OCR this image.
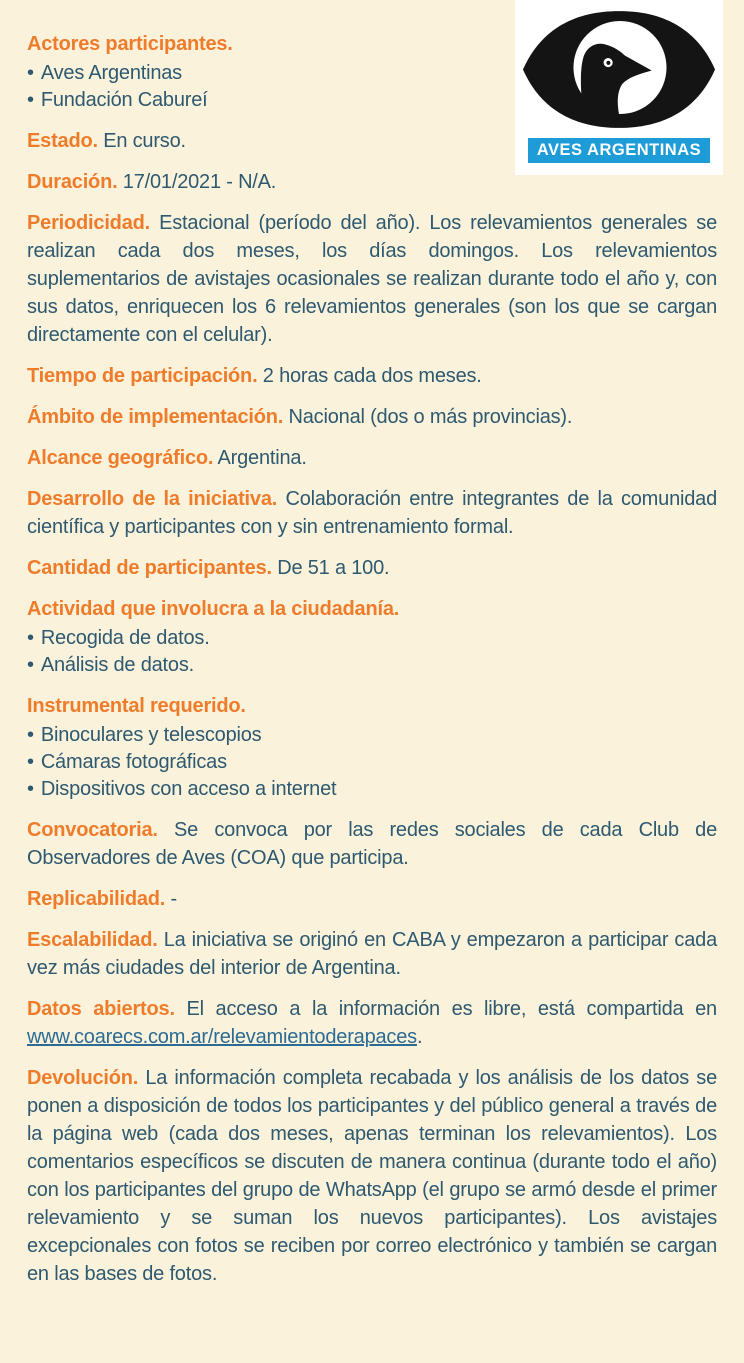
AVES ARGENTINAS

Actores participantes.

• Aves Argentinas
• Fundación Cabureí

Estado. En curso.

Duración. 17/01/2021 - N/A.

Periodicidad. Estacional (período del año). Los relevamientos generales se realizan cada dos meses, los días domingos. Los relevamientos suplementarios de avistajes ocasionales se realizan durante todo el año y, con sus datos, enriquecen los 6 relevamientos generales (son los que se cargan directamente con el celular).

Tiempo de participación. 2 horas cada dos meses.

Ámbito de implementación. Nacional (dos o más provincias).

Alcance geográfico. Argentina.

Desarrollo de la iniciativa. Colaboración entre integrantes de la comunidad científica y participantes con y sin entrenamiento formal.

Cantidad de participantes. De 51 a 100.

Actividad que involucra a la ciudadanía.

• Recogida de datos.
• Análisis de datos.

Instrumental requerido.

• Binoculares y telescopios
• Cámaras fotográficas
• Dispositivos con acceso a internet

Convocatoria. Se convoca por las redes sociales de cada Club de Observadores de Aves (COA) que participa.

Replicabilidad. -

Escalabilidad. La iniciativa se originó en CABA y empezaron a participar cada vez más ciudades del interior de Argentina.

Datos abiertos. El acceso a la información es libre, está compartida en www.coarecs.com.ar/relevamientoderapaces.

Devolución. La información completa recabada y los análisis de los datos se ponen a disposición de todos los participantes y del público general a través de la página web (cada dos meses, apenas terminan los relevamientos). Los comentarios específicos se discuten de manera continua (durante todo el año) con los participantes del grupo de WhatsApp (el grupo se armó desde el primer relevamiento y se suman los nuevos participantes). Los avistajes excepcionales con fotos se reciben por correo electrónico y también se cargan en las bases de fotos.
